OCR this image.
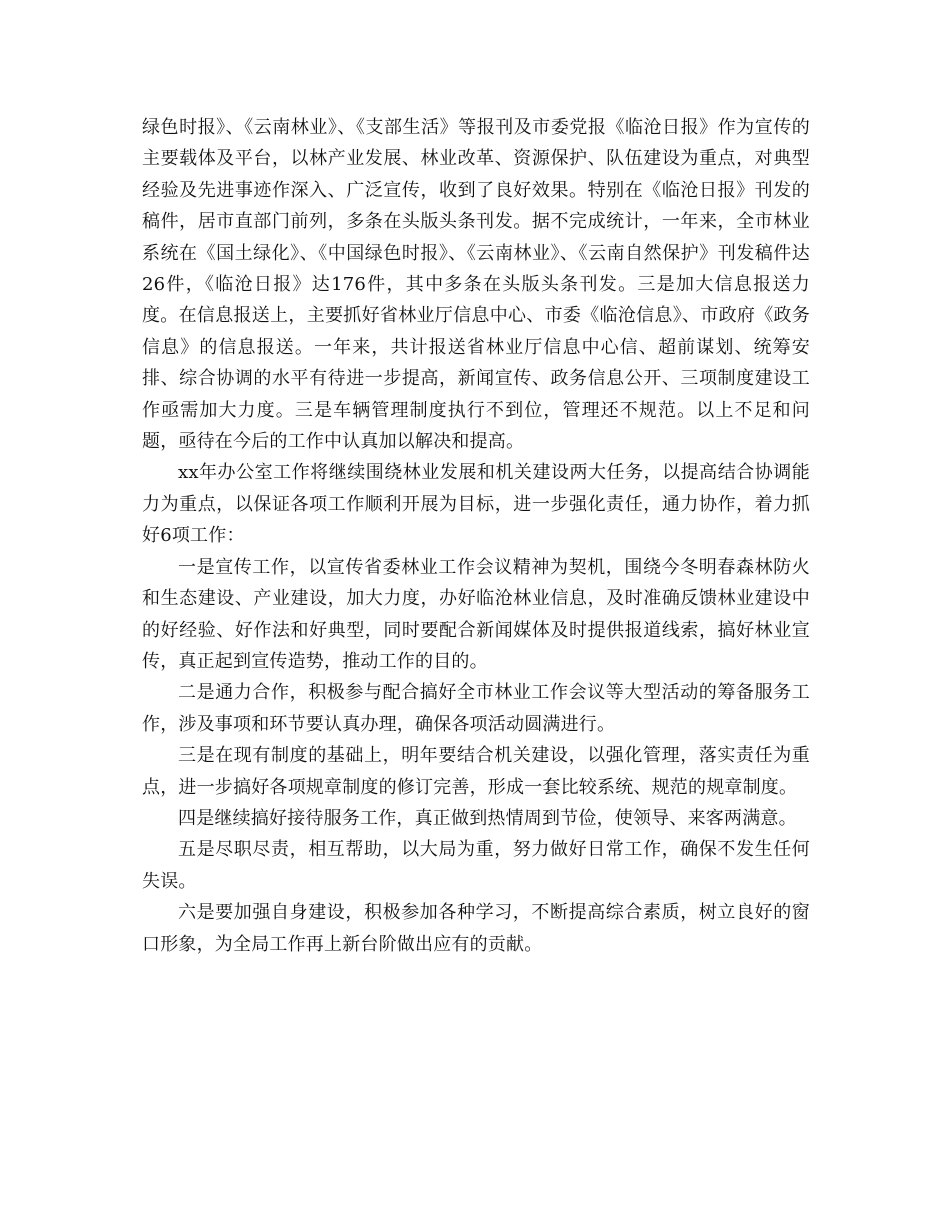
绿色时报》、《云南林业》、《支部生活》等报刊及市委党报《临沧日报》作为宣传的主要载体及平台，以林产业发展、林业改革、资源保护、队伍建设为重点，对典型经验及先进事迹作深入、广泛宣传，收到了良好效果。特别在《临沧日报》刊发的稿件，居市直部门前列，多条在头版头条刊发。据不完成统计，一年来，全市林业系统在《国土绿化》、《中国绿色时报》、《云南林业》、《云南自然保护》刊发稿件达26件，《临沧日报》达176件，其中多条在头版头条刊发。三是加大信息报送力度。在信息报送上，主要抓好省林业厅信息中心、市委《临沧信息》、市政府《政务信息》的信息报送。一年来，共计报送省林业厅信息中心信、超前谋划、统筹安排、综合协调的水平有待进一步提高，新闻宣传、政务信息公开、三项制度建设工作亟需加大力度。三是车辆管理制度执行不到位，管理还不规范。以上不足和问题，亟待在今后的工作中认真加以解决和提高。

xx年办公室工作将继续围绕林业发展和机关建设两大任务，以提高结合协调能力为重点，以保证各项工作顺利开展为目标，进一步强化责任，通力协作，着力抓好6项工作：

一是宣传工作，以宣传省委林业工作会议精神为契机，围绕今冬明春森林防火和生态建设、产业建设，加大力度，办好临沧林业信息，及时准确反馈林业建设中的好经验、好作法和好典型，同时要配合新闻媒体及时提供报道线索，搞好林业宣传，真正起到宣传造势，推动工作的目的。

二是通力合作，积极参与配合搞好全市林业工作会议等大型活动的筹备服务工作，涉及事项和环节要认真办理，确保各项活动圆满进行。

三是在现有制度的基础上，明年要结合机关建设，以强化管理，落实责任为重点，进一步搞好各项规章制度的修订完善，形成一套比较系统、规范的规章制度。

四是继续搞好接待服务工作，真正做到热情周到节俭，使领导、来客两满意。

五是尽职尽责，相互帮助，以大局为重，努力做好日常工作，确保不发生任何失误。

六是要加强自身建设，积极参加各种学习，不断提高综合素质，树立良好的窗口形象，为全局工作再上新台阶做出应有的贡献。
